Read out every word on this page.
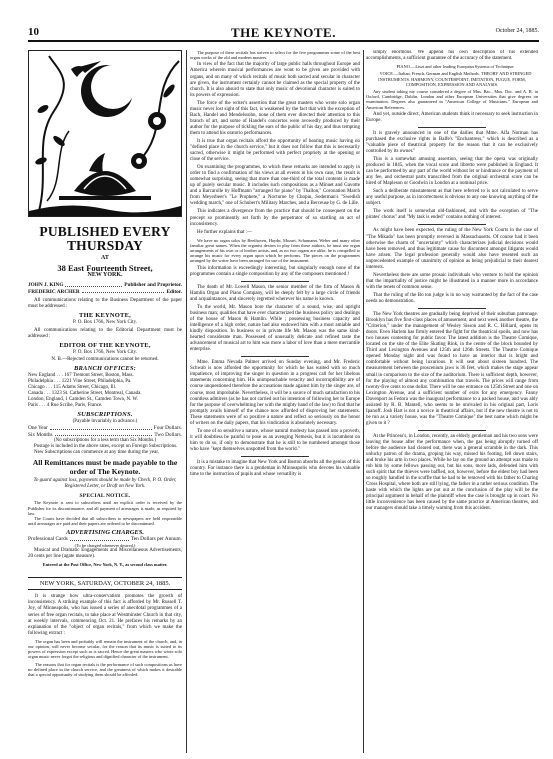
10	THE KEYNOTE.	October 24, 1885.
PUBLISHED EVERY THURSDAY
AT
38 East Fourteenth Street,
NEW YORK.
JOHN J. KING	Publisher and Proprietor.
FREDERIC ARCHER	Editor.

All communications relating to the Business Department of the paper must be addressed :

THE KEYNOTE,
P. O. Box 1766, New York City.

All communications relating to the Editorial Department must be addressed :

EDITOR OF THE KEYNOTE,
P. O. Box 1766, New York City.
N. B.—Rejected communications cannot be returned.
BRANCH OFFICES:
New England . . . 167 Tremont Street, Boston, Mass.
Philadelphia . . . 1221 Vine Street, Philadelphia, Pa.
Chicago . . . 115 Adams Street, Chicago, Ill.
Canada . . . 1323 St. Catherine Street, Montreal, Canada.
London, England, 1 Camden St., Camden Town, N. W.
Paris . . . 4 Rue Scribe, Paris, France.
SUBSCRIPTIONS.
(Payable invariably in advance.)
One Year	Four Dollars.
Six Months	Two Dollars.
(No subscriptions for a less term than Six Months.)

Postage is included in the above rates, except on Foreign Subscriptions.

New Subscriptions can commence at any time during the year.

All Remittances must be made payable to the order of The Keynote.

To guard against loss, payments should be made by Check, P. O. Order, Registered Letter, or Draft on New York.

SPECIAL NOTICE.

The Keynote is sent to subscribers until an explicit order is received by the Publisher for its discontinuance, and all payment of arrearages is made, as required by law.

The Courts have decided that all subscribers to newspapers are held responsible until arrearages are paid and their papers are ordered to be discontinued.

ADVERTISING CHARGES.
Professional Cards	Ten Dollars per Annum.
(To be charged whenever desired.)

Musical and Dramatic Engagements and Miscellaneous Advertisements, 20 cents per line (agate measure).

Entered at the Post Office, New York, N. Y., as second class matter.

NEW YORK, SATURDAY, OCTOBER 24, 1885.

It is strange how ultra-conservatism promotes the growth of inconsistency. A striking example of this fact is afforded by Mr. Russell T. Joy, of Minneapolis, who has issued a series of anecdotal programmes of a series of free organ recitals, to take place at Westminster Church in that city, at weekly intervals, commencing Oct. 21. He prefaces his remarks by an explanation of the "object of organ recitals," from which we make the following extract :

The organ has been and probably will remain the instrument of the church, and, in our opinion, will never become secular, for the reason that its music is suited to its powers of expression except such as is sacred. Hence the great masters who wrote solo organ music never forgot the religious and dignified character of the instrument.

The reasons that for organ recitals is the performance of such compositions as have no defined place in the church service, and the greatness of which makes it desirable that a special opportunity of studying them should be afforded.

The purpose of these recitals has striven to select for the five programmes some of the best organ works of the old and modern masters.

In view of the fact that the majority of large public halls throughout Europe and America wherein musical performances are wont to be given are provided with organs, and on many of which recitals of music both sacred and secular in character are given, the instrument certainly cannot be claimed as the special property of the church. It is also absurd to state that only music of devotional character is suited to its powers of expression.

The force of the writer's assertion that the great masters who wrote solo organ music never lost sight of this fact, is weakened by the fact that with the exception of Bach, Handel and Mendelssohn, none of them ever directed their attention to this branch of art, and some of Handel's concertos were avowedly produced by their author for the purpose of tickling the ears of the public of his day, and thus tempting them to attend his oratorio performances.

It is true that organ recitals afford the opportunity of hearing music having no "defined place in the church service," but it does not follow that this is necessarily sacred, otherwise it might be performed with perfect propriety at the opening or close of the service.

On examining the programmes, to which these remarks are intended to apply in order to find a confirmation of his views at all events in his own case, the result is somewhat surprising, seeing that more than one-third of the total contents is made up of purely secular music. It includes such compositions as a Minuet and Gavotte and a Barcarolle by Hoffmann "arranged for piano" by Thallon," Coronation March from Meyerbeer's "Le Prophete," a Nocturne by Chopin, Soderman's "Swedish wedding march," one of Schubert's Military Marches, and a Berceuse by G. de Lille.

This indicates a divergence from the practice that should be consequent on the precept so prominently set forth by the perpetrator of so startling an act of inconsistency.

He further explains that :—

We have no organ solos by Beethoven, Haydn, Mozart, Schumann, Weber and many other familiar great names. When the organist desires to play from these authors, he must use organ arrangements of his own or of brother artists, and, as no two organs are alike, he is compelled to arrange his music for every organ upon which he performs. The pieces on the programmes arranged by the writer have been arranged for use of the instrument.

This information is exceedingly interesting, but singularly enough none of the programmes contain a single composition by any of the composers mentioned !

The death of Mr. Lowell Mason, the senior member of the firm of Mason & Hamlin Organ and Piano Company, will be deeply felt by a large circle of friends and acquaintances, and sincerely regretted wherever his name is known.

To the world, Mr. Mason bore the character of a sound, wise, and upright business man; qualities that have ever characterized the business policy and dealings of the house of Mason & Hamlin. While ; possessing business capacity and intelligence of a high order, nature had also endowed him with a most amiable and kindly disposition. In business or in private life Mr. Mason was the same kind-hearted considerate man. Possessed of unusually delicate and refined taste the advancement of musical art to him was more a labor of love than a mere mercantile enterprise.

Mme. Emma Nevada Palmer arrived on Sunday evening, and Mr. Frederic Schwab is now afforded the opportunity for which he has waited with so much impatience, of improving the singer in question in a progress call for her libelous statements concerning him. His unimpeachable veracity and incorruptibility are of course unquestioned therefore the accusations made against him by the singer are, of course, most improbable. Nevertheless, it will be a source of much satisfaction to his countless admirers (as he has not carried out his intention of following her to Europe for the purpose of overwhelming her with the mighty hand of the law) to find that he promptly avails himself of the chance now afforded of disproving her statements. These statements were of so positive a nature and reflect so seriously on the honor of writers on the daily papers, that his vindication is absolutely necessary.

To one of so sensitive a nature, whose natural modesty has passed into a proverb, it will doubtless be painful to pose as an avenging Nemesis, but it is incumbent on him to do so, if only to demonstrate that he is still to be numbered amongst those who have "kept themselves unspotted from the world."

It is a mistake to imagine that New York and Boston absorbs all the genius of this country. For instance there is a gentleman in Minneapolis who devotes his valuable time to the instruction of pupils and whose versatility is

simply enormous. We append his own description of his extended accomplishments, a sufficient guarantee of the accuracy of the statement.

PIANO.—Liszt and other leading European Systems of Technique.

VOICE.—Italian, French, German and English Methods. THEORY AND STRINGED INSTRUMENTS. HARMONY, COUNTERPOINT, IMITATION, FUGUE, FORM, COMPOSITION, EXPRESSION AND ANALYSIS.

Any student taking my course considered a degree of Mus. Bac., Mus. Doc. and A. R. in Oxford, Cambridge, Dublin, London and other European Universities that give degrees on examination. Degrees also guaranteed in "American College of Musicians." European and American References.

And yet, outside direct, American students think it necessary to seek instruction in Europe.

It is gravely announced in one of the dailies that Mme. Alfa Norman has purchased the exclusive rights in Balfe's "Enchantress," which is described as a "valuable piece of theatrical property for the reason that it can be exclusively controlled by its owner."

This is a somewhat amusing assertion, seeing that the opera was originally produced in 1845, when the vocal score and libretto were published in England. It can be performed by any part of the world without let or hindrance or the payment of any fee, and orchestral parts transcribed from the original orchestral score can be hired of Mapleson or Goodwin in London at a nominal price.

Such a deliberate misstatement as that here referred to is not calculated to serve any useful purpose, as in incorrectness is obvious to any one knowing anything of the subject.

The work itself is somewhat old-fashioned, and with the exception of "The pirates' chorus" and "My task is ended" contains nothing of interest.

As might have been expected, the ruling of the New York Courts in the case of "The Mikado" has been promptly reversed in Massachusetts. Of course had it been otherwise the charm of "uncertainty" which characterizes judicial decisions would have been removed, and thus legitimate cause for discontent amongst litigants would have arisen. The legal profession generally would also have resented such an unprecedented example of unanimity of opinion as being prejudicial to their dearest interests.

Nevertheless there are some prosaic individuals who venture to hold the opinion that the impartiality of justice might be illustrated in a manner more in accordance with the tenets of common sense.

That the ruling of the Bo ton judge is in no way warranted by the fact of the case needs no demonstration.

The New York theatres are gradually being deprived of their suburban patronage. Brooklyn has five first-class places of amusement, and next week another theatre, the "Criterion," under the management of Wesley Sisson and R. C. Hilliard, opens its doors. Even Harlem has firmly entered the fight for the theatrical spoils, and now has two houses contesting for public favor. The latest addition is the Theatre Comique, located on the site of the Elite Skating Rink, in the centre of the block bounded by Third and Lexington Avenues and 125th and 126th Streets. The Theatre Comique opened Monday night and was found to have an interior that is bright and comfortable without being luxurious. It will seat about sixteen hundred. The measurement between the proscenium jaws is 36 feet, which makes the stage appear small in comparison to the size of the auditorium. There is sufficient depth, however, for the playing of almost any combination that travels. The prices will range from twenty-five cents to one dollar. There will be one entrance on 125th Street and one on Lexington Avenue, and a sufficient number of exits for any emergency. Fanny Davenport as Fedora was the inaugural performance to a packed house, and was ably assisted by R. B. Mantell, who seems to be unrivaled in his original part, Loris Ipanoff. Josh Hart is not a novice in theatrical affairs, but if the new theatre is not to be run as a variety house, was the "Theatre Comique" the best name which might be given to it ?

At the Princess's, in London, recently, an elderly gentleman and his two sons were leaving the house after the performance when, the gas being abruptly turned off before the audience had cleared out, there was a general scramble in the dark. This unlucky patron of the drama, groping his way, missed his footing, fell down stairs, and broke his arm in two places. While he lay on the ground an attempt was made to rob him by some fellows passing out, but his sons, more lads, defended him with such spirit that the thieves were baffled, not, however, before the eldest boy had been so roughly handled in the scuffle that he had to be removed with his father to Charing Cross Hospital, where both are still lying, the father in a rather serious condition. The haste with which the lights are put out at the conclusion of the play will be the principal argument in behalf of the plaintiff when the case is brought up in court. No little inconvenience has been caused by the same practice at American theatres, and our managers should take a timely warning from this accident.
